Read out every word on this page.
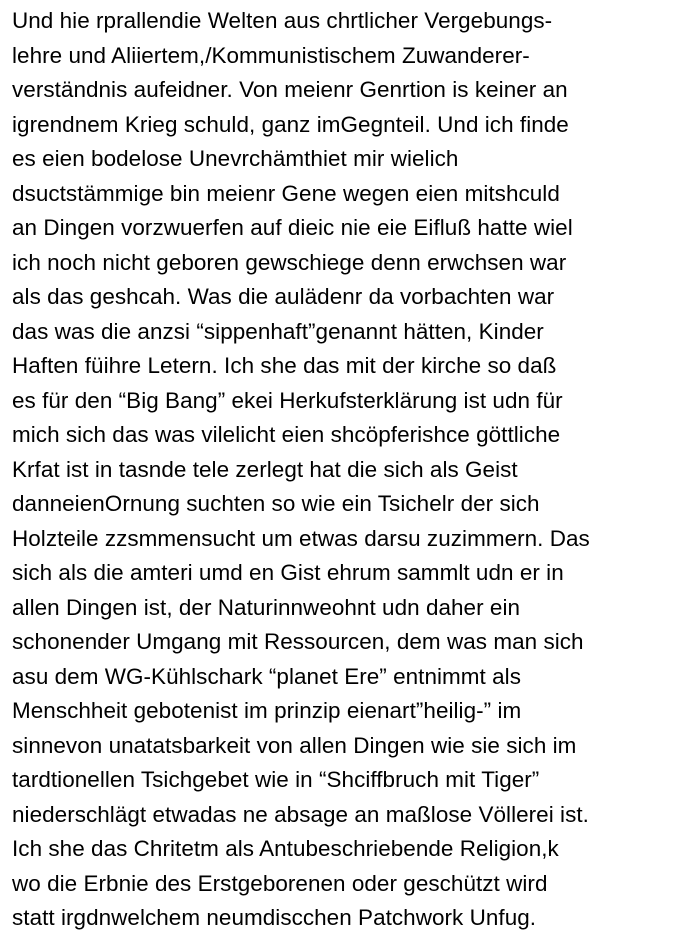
Und hie rprallendie Welten aus chrtlicher Vergebungs-
lehre und Aliiertem,/Kommunistischem Zuwanderer-
verständnis aufeidner. Von meienr Genrtion is keiner an
igrendnem Krieg schuld, ganz imGegnteil. Und ich finde
es eien bodelose Unevrchämthiet mir wielich
dsuctstämmige bin meienr Gene wegen eien mitshculd
an Dingen vorzwuerfen auf dieic nie eie Eifluß hatte wiel
ich noch nicht geboren gewschiege denn erwchsen war
als das geshcah. Was die aulädenr da vorbachten war
das was die anzsi “sippenhaft”genannt hätten, Kinder
Haften füihre Letern. Ich she das mit der kirche so daß
es für den “Big Bang” ekei Herkufsterklärung ist udn für
mich sich das was vilelicht eien shcöpferishce göttliche
Krfat ist in tasnde tele zerlegt hat die sich als Geist
danneienOrnung suchten so wie ein Tsichelr der sich
Holzteile zzsmmensucht um etwas darsu zuzimmern. Das
sich als die amteri umd en Gist ehrum sammlt udn er in
allen Dingen ist, der Naturinnweohnt udn daher ein
schonender Umgang mit Ressourcen, dem was man sich
asu dem WG-Kühlschark “planet Ere” entnimmt als
Menschheit gebotenist im prinzip eienart”heilig-” im
sinnevon unatatsbarkeit von allen Dingen wie sie sich im
tardtionellen Tsichgebet wie in “Shciffbruch mit Tiger”
niederschlägt etwadas ne absage an maßlose Völlerei ist.
Ich she das Chritetm als Antubeschriebende Religion,k
wo die Erbnie des Erstgeborenen oder geschützt wird
statt irgdnwelchem neumdiscchen Patchwork Unfug.
